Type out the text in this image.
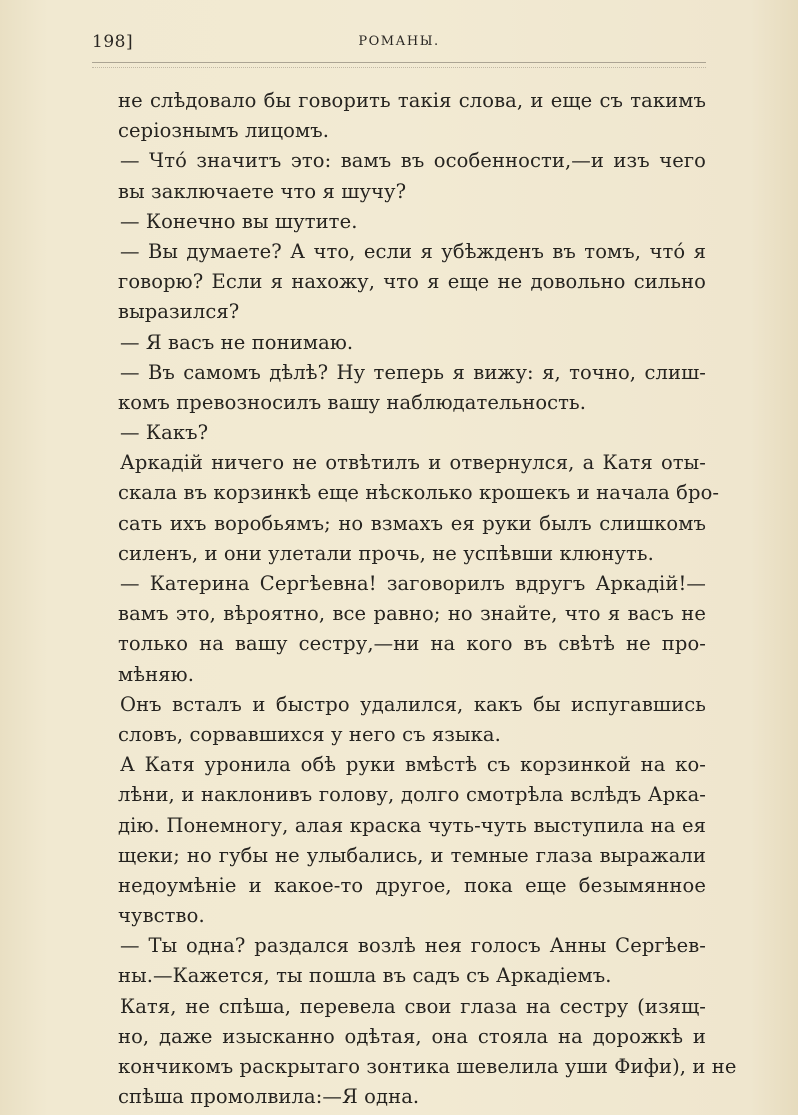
198]	РОМАНЫ.
не слѣдовало бы говорить такія слова, и еще съ такимъ
серіознымъ лицомъ.
— Что́ значитъ это: вамъ въ особенности,—и изъ чего
вы заключаете что я шучу?
— Конечно вы шутите.
— Вы думаете? А что, если я убѣжденъ въ томъ, что́ я
говорю? Если я нахожу, что я еще не довольно сильно
выразился?
— Я васъ не понимаю.
— Въ самомъ дѣлѣ? Ну теперь я вижу: я, точно, слиш-
комъ превозносилъ вашу наблюдательность.
— Какъ?
Аркадій ничего не отвѣтилъ и отвернулся, а Катя оты-
скала въ корзинкѣ еще нѣсколько крошекъ и начала бро-
сать ихъ воробьямъ; но взмахъ ея руки былъ слишкомъ
силенъ, и они улетали прочь, не успѣвши клюнуть.
— Катерина Сергѣевна! заговорилъ вдругъ Аркадій!—
вамъ это, вѣроятно, все равно; но знайте, что я васъ не
только на вашу сестру,—ни на кого въ свѣтѣ не про-
мѣняю.
Онъ всталъ и быстро удалился, какъ бы испугавшись
словъ, сорвавшихся у него съ языка.
А Катя уронила обѣ руки вмѣстѣ съ корзинкой на ко-
лѣни, и наклонивъ голову, долго смотрѣла вслѣдъ Арка-
дію. Понемногу, алая краска чуть-чуть выступила на ея
щеки; но губы не улыбались, и темные глаза выражали
недоумѣніе и какое-то другое, пока еще безымянное
чувство.
— Ты одна? раздался возлѣ нея голосъ Анны Сергѣев-
ны.—Кажется, ты пошла въ садъ съ Аркадіемъ.
Катя, не спѣша, перевела свои глаза на сестру (изящ-
но, даже изысканно одѣтая, она стояла на дорожкѣ и
кончикомъ раскрытаго зонтика шевелила уши Фифи), и не
спѣша промолвила:—Я одна.
